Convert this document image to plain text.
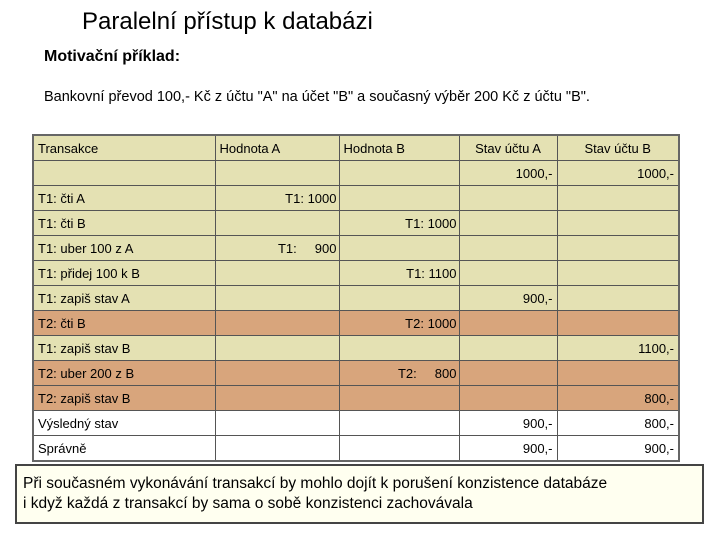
Paralelní přístup k databázi
Motivační příklad:
Bankovní převod 100,- Kč z účtu "A" na účet "B" a současný výběr 200 Kč z účtu "B".
Transakce	Hodnota A	Hodnota B	Stav účtu A	Stav účtu B
			1000,-	1000,-
T1: čti A	T1: 1000			
T1: čti B		T1: 1000		
T1: uber 100 z A	T1:     900			
T1: přidej 100 k B		T1: 1100		
T1: zapiš stav A			900,-	
T2: čti B		T2: 1000		
T1: zapiš stav B				1100,-
T2: uber 200 z B		T2:     800		
T2: zapiš stav B				800,-
Výsledný stav			900,-	800,-
Správně			900,-	900,-
Při současném vykonávání transakcí by mohlo dojít k porušení konzistence databáze
i když každá z transakcí by sama o sobě konzistenci zachovávala
